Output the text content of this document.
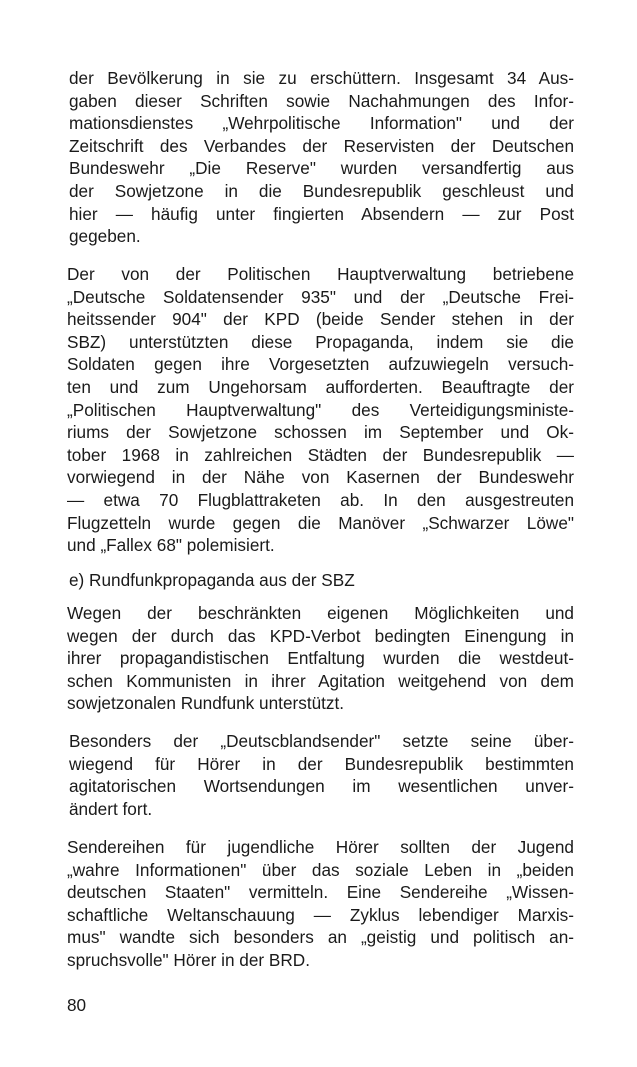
der Bevölkerung in sie zu erschüttern. Insgesamt 34 Aus-
gaben dieser Schriften sowie Nachahmungen des Infor-
mationsdienstes „Wehrpolitische Information" und der
Zeitschrift des Verbandes der Reservisten der Deutschen
Bundeswehr „Die Reserve" wurden versandfertig aus
der Sowjetzone in die Bundesrepublik geschleust und
hier — häufig unter fingierten Absendern — zur Post
gegeben.
Der von der Politischen Hauptverwaltung betriebene
„Deutsche Soldatensender 935" und der „Deutsche Frei-
heitssender 904" der KPD (beide Sender stehen in der
SBZ) unterstützten diese Propaganda, indem sie die
Soldaten gegen ihre Vorgesetzten aufzuwiegeln versuch-
ten und zum Ungehorsam aufforderten. Beauftragte der
„Politischen Hauptverwaltung" des Verteidigungsministe-
riums der Sowjetzone schossen im September und Ok-
tober 1968 in zahlreichen Städten der Bundesrepublik —
vorwiegend in der Nähe von Kasernen der Bundeswehr
— etwa 70 Flugblattraketen ab. In den ausgestreuten
Flugzetteln wurde gegen die Manöver „Schwarzer Löwe"
und „Fallex 68" polemisiert.
e) Rundfunkpropaganda aus der SBZ
Wegen der beschränkten eigenen Möglichkeiten und
wegen der durch das KPD-Verbot bedingten Einengung in
ihrer propagandistischen Entfaltung wurden die westdeut-
schen Kommunisten in ihrer Agitation weitgehend von dem
sowjetzonalen Rundfunk unterstützt.
Besonders der „Deutscblandsender" setzte seine über-
wiegend für Hörer in der Bundesrepublik bestimmten
agitatorischen Wortsendungen im wesentlichen unver-
ändert fort.
Sendereihen für jugendliche Hörer sollten der Jugend
„wahre Informationen" über das soziale Leben in „beiden
deutschen Staaten" vermitteln. Eine Sendereihe „Wissen-
schaftliche Weltanschauung — Zyklus lebendiger Marxis-
mus" wandte sich besonders an „geistig und politisch an-
spruchsvolle" Hörer in der BRD.
80
